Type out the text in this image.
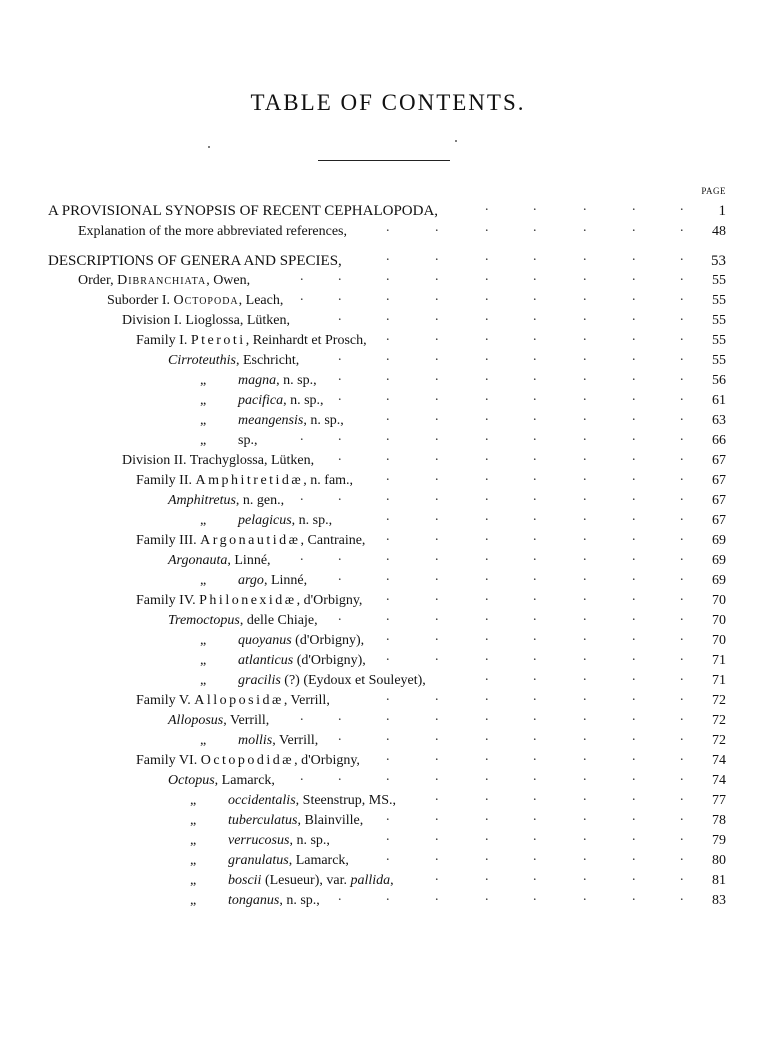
TABLE OF CONTENTS.
PAGE
A PROVISIONAL SYNOPSIS OF RECENT CEPHALOPODA,	1
.	.	.	.	.
Explanation of the more abbreviated references,	48
.	.	.	.	.	.	.
DESCRIPTIONS OF GENERA AND SPECIES,	53
.	.	.	.	.	.	.
Order, Dibranchiata, Owen,	55
. .	.	.	.	.	.	.	.
Suborder I. Octopoda, Leach,	55
. .	.	.	.	.	.	.	.
Division I. Lioglossa, Lütken,	55
.	.	.	.	.	.	.	.
Family I. Pteroti, Reinhardt et Prosch,	55
.	.	.	.	.	.	.
Cirroteuthis, Eschricht,	55
.	.	.	.	.	.	.	.
„ magna, n. sp.,	56
.	.	.	.	.	.	.	.
„ pacifica, n. sp.,	61
.	.	.	.	.	.	.	.
„ meangensis, n. sp.,	63
.	.	.	.	.	.	.
„ sp.,	66
. .	.	.	.	.	.	.	.
Division II. Trachyglossa, Lütken,	67
.	.	.	.	.	.	.	.
Family II. Amphitretidæ, n. fam.,	67
.	.	.	.	.	.	.
Amphitretus, n. gen.,	67
. .	.	.	.	.	.	.	.
„ pelagicus, n. sp.,	67
.	.	.	.	.	.	.
Family III. Argonautidæ, Cantraine,	69
.	.	.	.	.	.	.
Argonauta, Linné,	69
. .	.	.	.	.	.	.	.
„ argo, Linné,	69
.	.	.	.	.	.	.	.
Family IV. Philonexidæ, d'Orbigny,	70
.	.	.	.	.	.	.
Tremoctopus, delle Chiaje,	70
.	.	.	.	.	.	.	.
„ quoyanus (d'Orbigny),	70
.	.	.	.	.	.	.
„ atlanticus (d'Orbigny),	71
.	.	.	.	.	.	.
„ gracilis (?) (Eydoux et Souleyet),	71
.	.	.	.	.
Family V. Alloposidæ, Verrill,	72
.	.	.	.	.	.	.
Alloposus, Verrill,	72
. .	.	.	.	.	.	.	.
„ mollis, Verrill,	72
.	.	.	.	.	.	.	.
Family VI. Octopodidæ, d'Orbigny,	74
.	.	.	.	.	.	.
Octopus, Lamarck,	74
. .	.	.	.	.	.	.	.
„ occidentalis, Steenstrup, MS.,	77
.	.	.	.	.	.
„ tuberculatus, Blainville,	78
.	.	.	.	.	.	.
„ verrucosus, n. sp.,	79
.	.	.	.	.	.	.
„ granulatus, Lamarck,	80
.	.	.	.	.	.	.
„ boscii (Lesueur), var. pallida,	81
.	.	.	.	.	.
„ tonganus, n. sp.,	83
.	.	.	.	.	.	.	.
